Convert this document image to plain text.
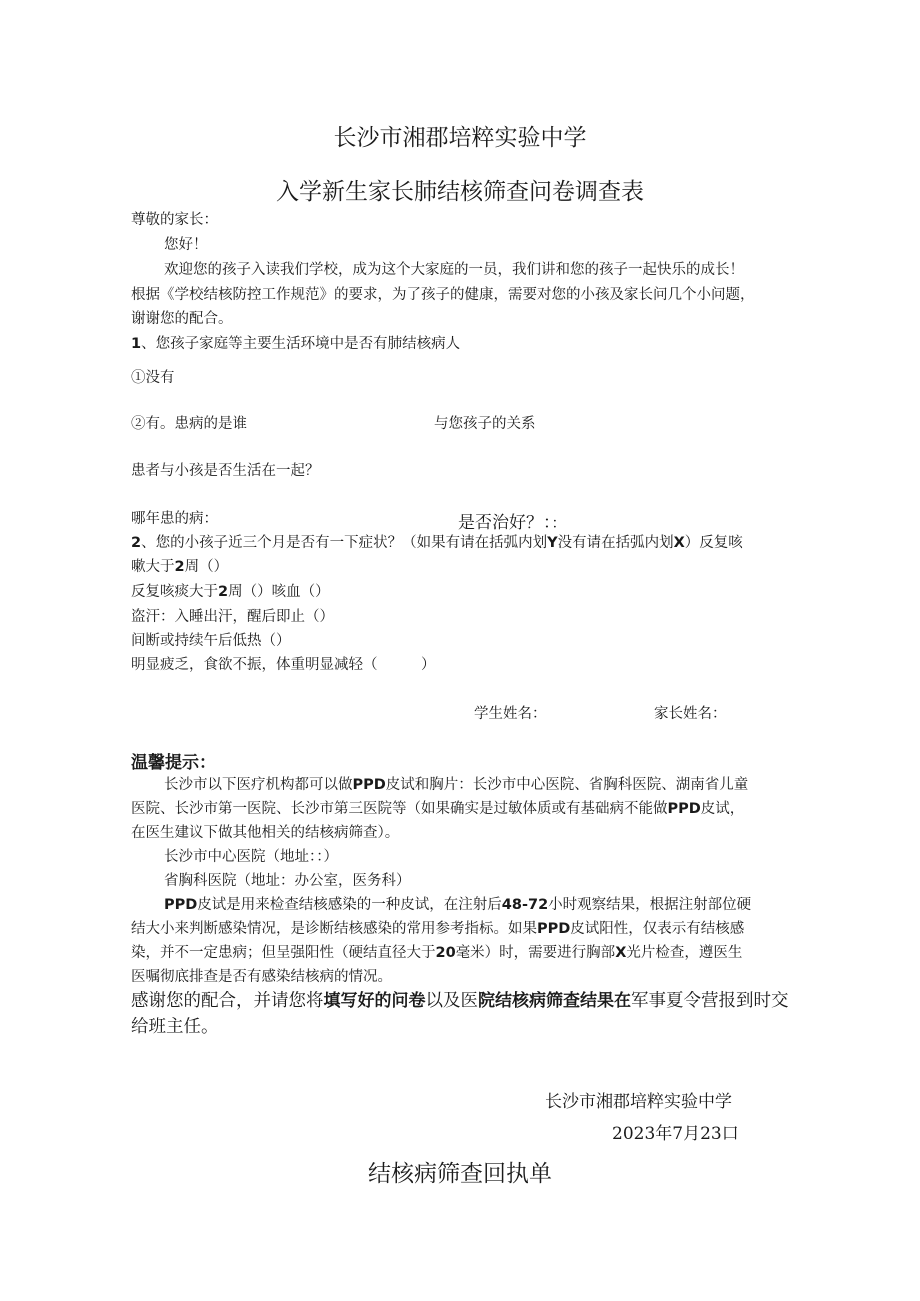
长沙市湘郡培粹实验中学
入学新生家长肺结核筛查问卷调查表
尊敬的家长：
您好！
欢迎您的孩子入读我们学校，成为这个大家庭的一员，我们讲和您的孩子一起快乐的成长！
根据《学校结核防控工作规范》的要求，为了孩子的健康，需要对您的小孩及家长问几个小问题，
谢谢您的配合。
1、您孩子家庭等主要生活环境中是否有肺结核病人
①没有
②有。患病的是谁	与您孩子的关系
患者与小孩是否生活在一起？
哪年患的病：	是否治好？：：
2、您的小孩子近三个月是否有一下症状？（如果有请在括弧内划Y没有请在括弧内划X）反复咳
嗽大于2周（）
反复咳痰大于2周（）咳血（）
盗汗：入睡出汗，醒后即止（）
间断或持续午后低热（）
明显疲乏，食欲不振，体重明显减轻（　　　）
学生姓名：	家长姓名：
温馨提示：
长沙市以下医疗机构都可以做PPD皮试和胸片：长沙市中心医院、省胸科医院、湖南省儿童
医院、长沙市第一医院、长沙市第三医院等（如果确实是过敏体质或有基础病不能做PPD皮试，
在医生建议下做其他相关的结核病筛查）。
长沙市中心医院（地址：：）
省胸科医院（地址：办公室，医务科）
PPD皮试是用来检查结核感染的一种皮试，在注射后48-72小时观察结果，根据注射部位硬
结大小来判断感染情况，是诊断结核感染的常用参考指标。如果PPD皮试阳性，仅表示有结核感
染，并不一定患病；但呈强阳性（硬结直径大于20毫米）时，需要进行胸部X光片检查，遵医生
医嘱彻底排查是否有感染结核病的情况。
感谢您的配合，并请您将填写好的问卷以及医院结核病筛查结果在军事夏令营报到时交给班主任。
长沙市湘郡培粹实验中学
2023年7月23口
结核病筛查回执单
